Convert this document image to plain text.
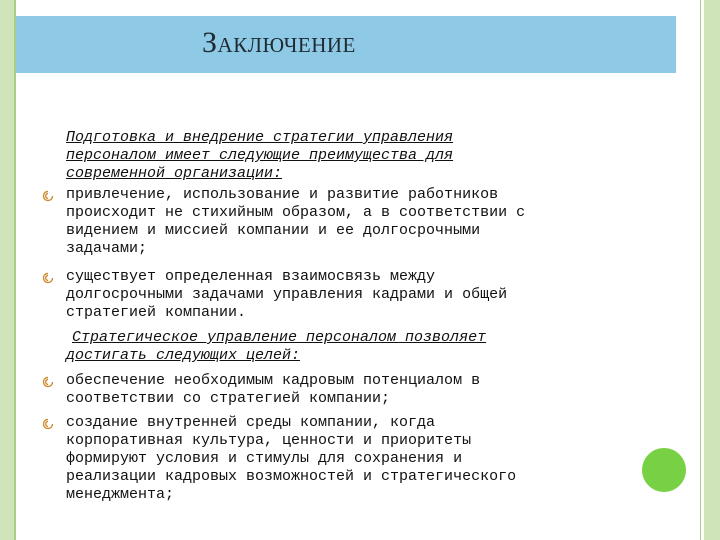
Заключение

Подготовка и внедрение стратегии управления

персоналом имеет следующие преимущества для

современной организации:

привлечение, использование и развитие работников

происходит не стихийным образом, а в соответствии с

видением и миссией компании и ее долгосрочными

задачами;

существует определенная взаимосвязь между

долгосрочными задачами управления кадрами и общей

стратегией компании.

Стратегическое управление персоналом позволяет

достигать следующих целей:

обеспечение необходимым кадровым потенциалом в

соответствии со стратегией компании;

создание внутренней среды компании, когда

корпоративная культура, ценности и приоритеты

формируют условия и стимулы для сохранения и

реализации кадровых возможностей и стратегического

менеджмента;
